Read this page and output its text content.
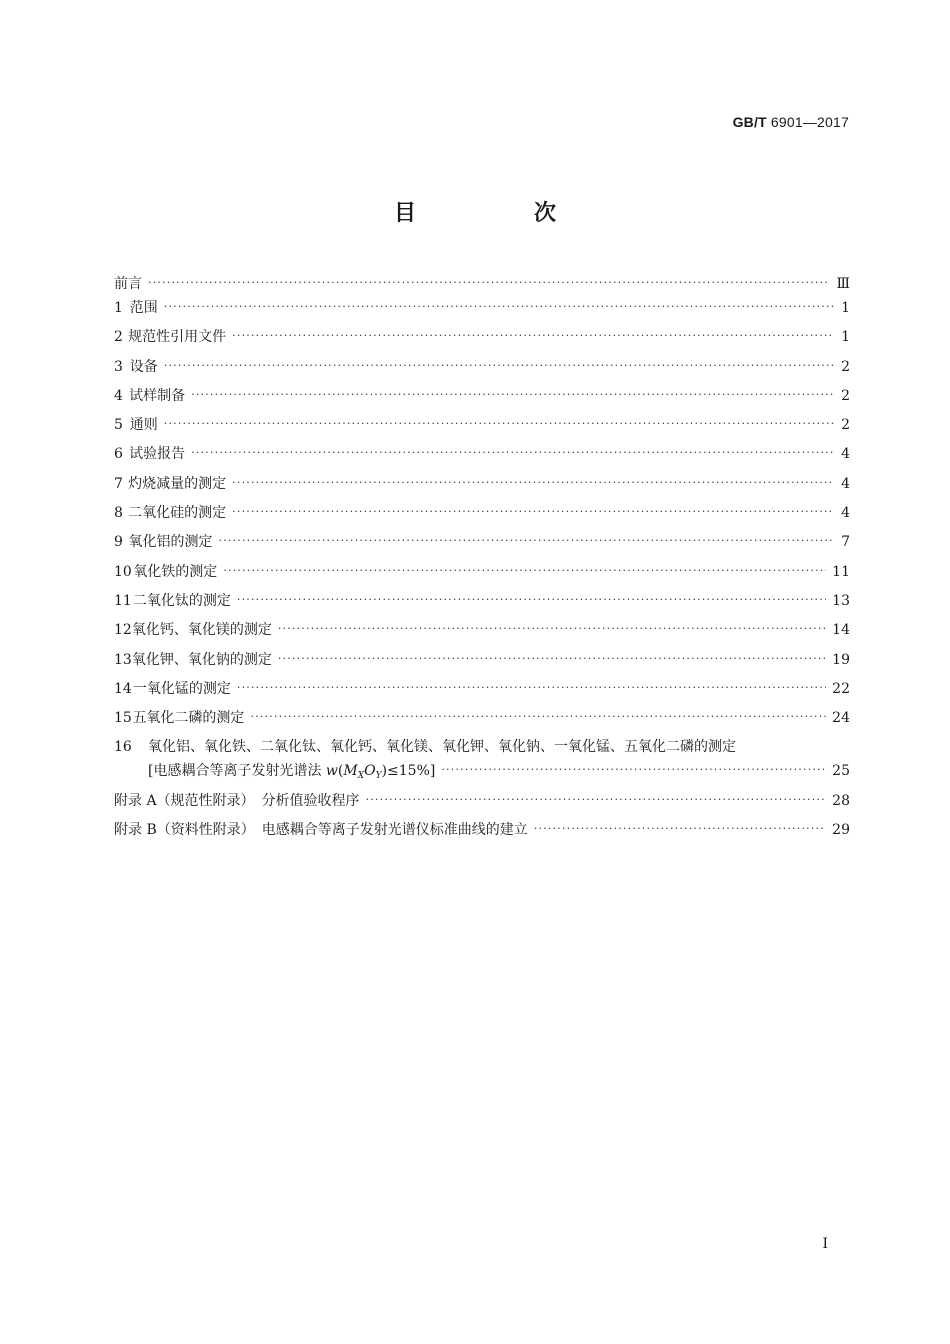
GB/T 6901—2017
目　次
前言 ·····	Ⅲ
1 范围 ·····	1
2 规范性引用文件 ·····	1
3 设备 ·····	2
4 试样制备 ·····	2
5 通则 ·····	2
6 试验报告 ·····	4
7 灼烧减量的测定 ·····	4
8 二氧化硅的测定 ·····	4
9 氧化铝的测定 ·····	7
10 氧化铁的测定 ·····	11
11 二氧化钛的测定 ·····	13
12 氧化钙、氧化镁的测定 ·····	14
13 氧化钾、氧化钠的测定 ·····	19
14 一氧化锰的测定 ·····	22
15 五氧化二磷的测定 ·····	24
16	氧化铝、氧化铁、二氧化钛、氧化钙、氧化镁、氧化钾、氧化钠、一氧化锰、五氧化二磷的测定
[电感耦合等离子发射光谱法 $w(M_XO_Y)\le 15\%$] ·····	25
附录 A（规范性附录）　分析值验收程序 ·····	28
附录 B（资料性附录）　电感耦合等离子发射光谱仪标准曲线的建立 ·····	29
I
